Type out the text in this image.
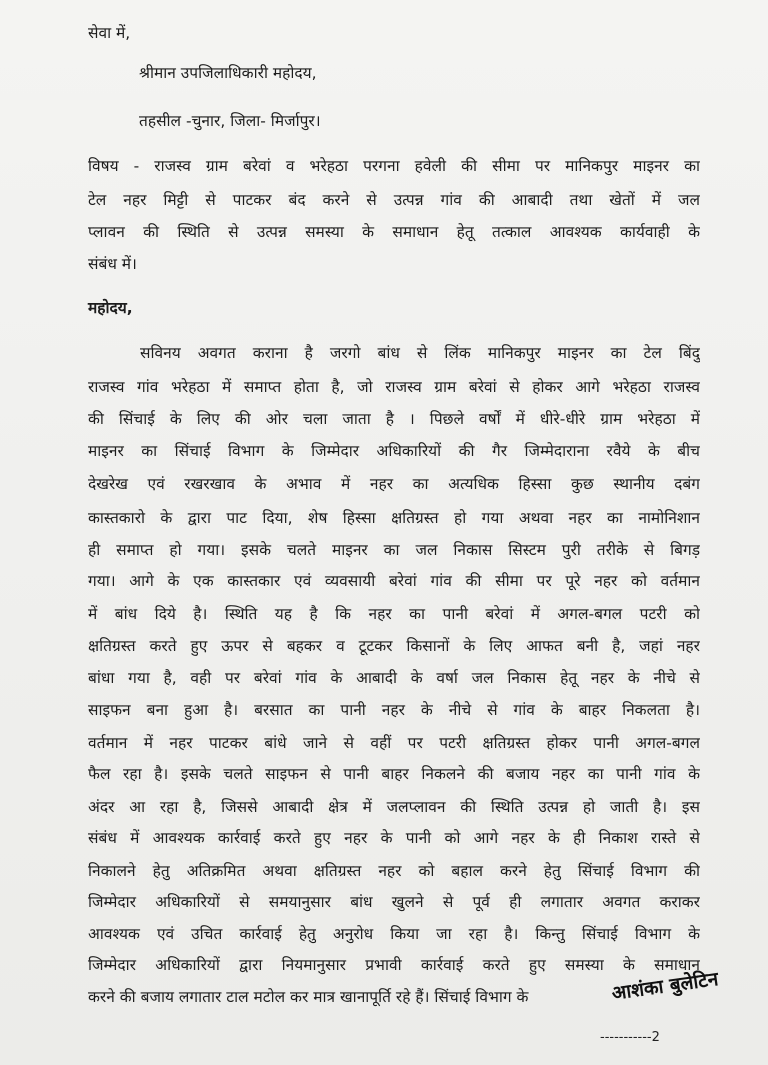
सेवा में,
श्रीमान उपजिलाधिकारी महोदय,
तहसील -चुनार, जिला- मिर्जापुर।
विषय - राजस्व ग्राम बरेवां व भरेहठा परगना हवेली की सीमा पर मानिकपुर माइनर का
टेल नहर मिट्टी से पाटकर बंद करने से उत्पन्न गांव की आबादी तथा खेतों में जल
प्लावन की स्थिति से उत्पन्न समस्या के समाधान हेतू तत्काल आवश्यक कार्यवाही के
संबंध में।
महोदय,
सविनय अवगत कराना है जरगो बांध से लिंक मानिकपुर माइनर का टेल बिंदु
राजस्व गांव भरेहठा में समाप्त होता है, जो राजस्व ग्राम बरेवां से होकर आगे भरेहठा राजस्व
की सिंचाई के लिए की ओर चला जाता है । पिछले वर्षों में धीरे-धीरे ग्राम भरेहठा में
माइनर का सिंचाई विभाग के जिम्मेदार अधिकारियों की गैर जिम्मेदाराना रवैये के बीच
देखरेख एवं रखरखाव के अभाव में नहर का अत्यधिक हिस्सा कुछ स्थानीय दबंग
कास्तकारो के द्वारा पाट दिया, शेष हिस्सा क्षतिग्रस्त हो गया अथवा नहर का नामोनिशान
ही समाप्त हो गया। इसके चलते माइनर का जल निकास सिस्टम पुरी तरीके से बिगड़
गया। आगे के एक कास्तकार एवं व्यवसायी बरेवां गांव की सीमा पर पूरे नहर को वर्तमान
में बांध दिये है। स्थिति यह है कि नहर का पानी बरेवां में अगल-बगल पटरी को
क्षतिग्रस्त करते हुए ऊपर से बहकर व टूटकर किसानों के लिए आफत बनी है, जहां नहर
बांधा गया है, वही पर बरेवां गांव के आबादी के वर्षा जल निकास हेतू नहर के नीचे से
साइफन बना हुआ है। बरसात का पानी नहर के नीचे से गांव के बाहर निकलता है।
वर्तमान में नहर पाटकर बांधे जाने से वहीं पर पटरी क्षतिग्रस्त होकर पानी अगल-बगल
फैल रहा है। इसके चलते साइफन से पानी बाहर निकलने की बजाय नहर का पानी गांव के
अंदर आ रहा है, जिससे आबादी क्षेत्र में जलप्लावन की स्थिति उत्पन्न हो जाती है। इस
संबंध में आवश्यक कार्रवाई करते हुए नहर के पानी को आगे नहर के ही निकाश रास्ते से
निकालने हेतु अतिक्रमित अथवा क्षतिग्रस्त नहर को बहाल करने हेतु सिंचाई विभाग की
जिम्मेदार अधिकारियों से समयानुसार बांध खुलने से पूर्व ही लगातार अवगत कराकर
आवश्यक एवं उचित कार्रवाई हेतु अनुरोध किया जा रहा है। किन्तु सिंचाई विभाग के
जिम्मेदार अधिकारियों द्वारा नियमानुसार प्रभावी कार्रवाई करते हुए समस्या के समाधान
करने की बजाय लगातार टाल मटोल कर मात्र खानापूर्ति रहे हैं। सिंचाई विभाग के	आशंका बुलेटिन
-----------2
